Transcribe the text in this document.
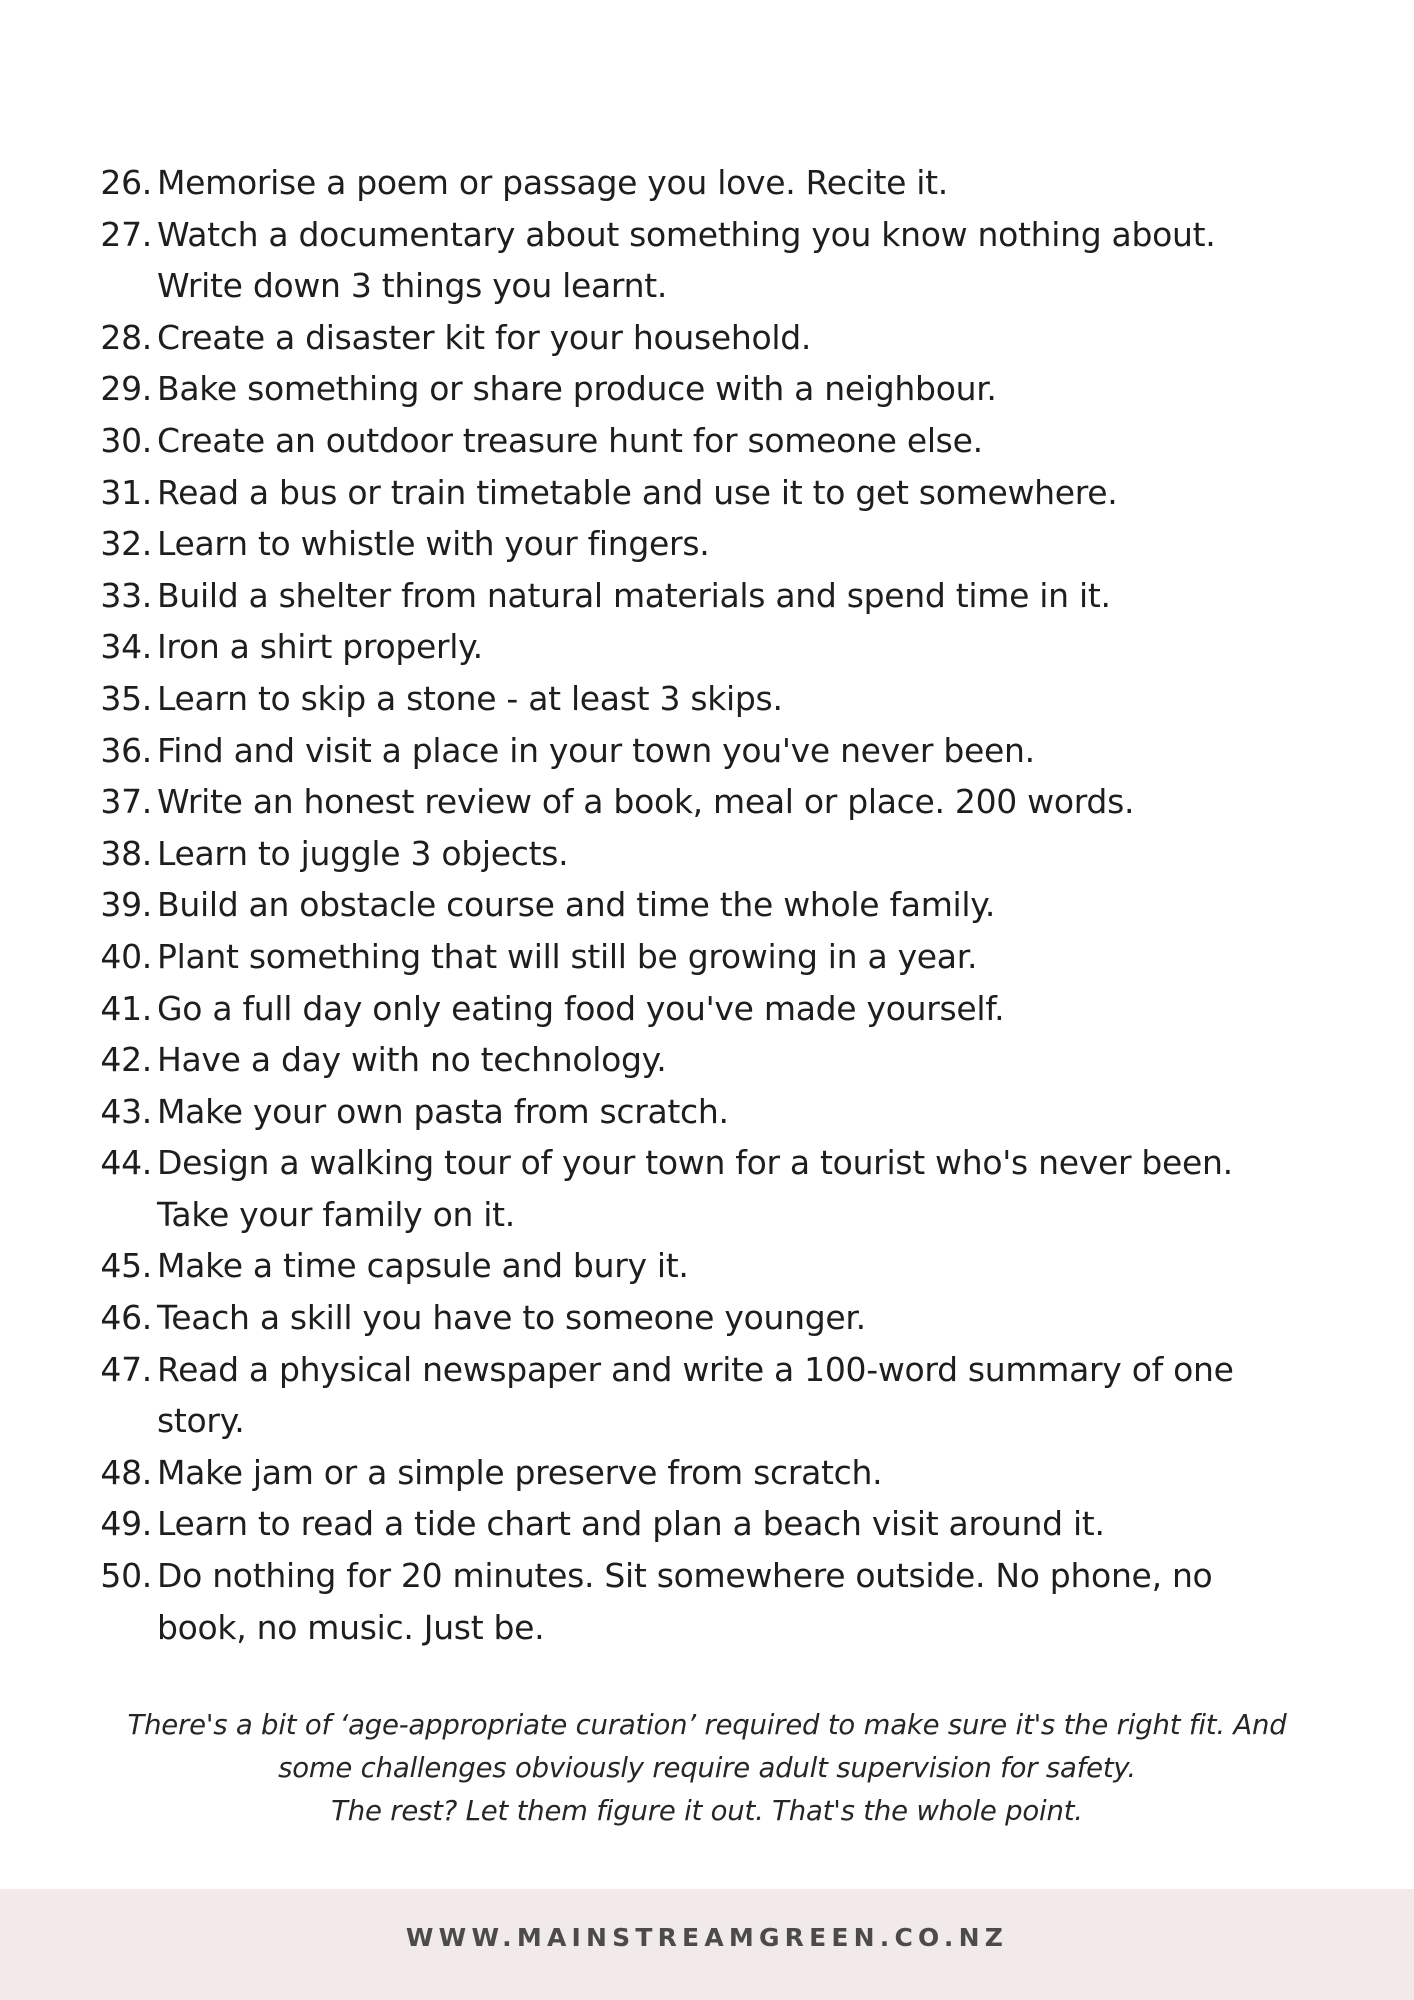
26. Memorise a poem or passage you love. Recite it.
27. Watch a documentary about something you know nothing about. Write down 3 things you learnt.
28. Create a disaster kit for your household.
29. Bake something or share produce with a neighbour.
30. Create an outdoor treasure hunt for someone else.
31. Read a bus or train timetable and use it to get somewhere.
32. Learn to whistle with your fingers.
33. Build a shelter from natural materials and spend time in it.
34. Iron a shirt properly.
35. Learn to skip a stone - at least 3 skips.
36. Find and visit a place in your town you've never been.
37. Write an honest review of a book, meal or place. 200 words.
38. Learn to juggle 3 objects.
39. Build an obstacle course and time the whole family.
40. Plant something that will still be growing in a year.
41. Go a full day only eating food you've made yourself.
42. Have a day with no technology.
43. Make your own pasta from scratch.
44. Design a walking tour of your town for a tourist who's never been. Take your family on it.
45. Make a time capsule and bury it.
46. Teach a skill you have to someone younger.
47. Read a physical newspaper and write a 100-word summary of one story.
48. Make jam or a simple preserve from scratch.
49. Learn to read a tide chart and plan a beach visit around it.
50. Do nothing for 20 minutes. Sit somewhere outside. No phone, no book, no music. Just be.
There's a bit of ‘age-appropriate curation’ required to make sure it's the right fit. And
some challenges obviously require adult supervision for safety.
The rest? Let them figure it out. That's the whole point.
WWW.MAINSTREAMGREEN.CO.NZ
